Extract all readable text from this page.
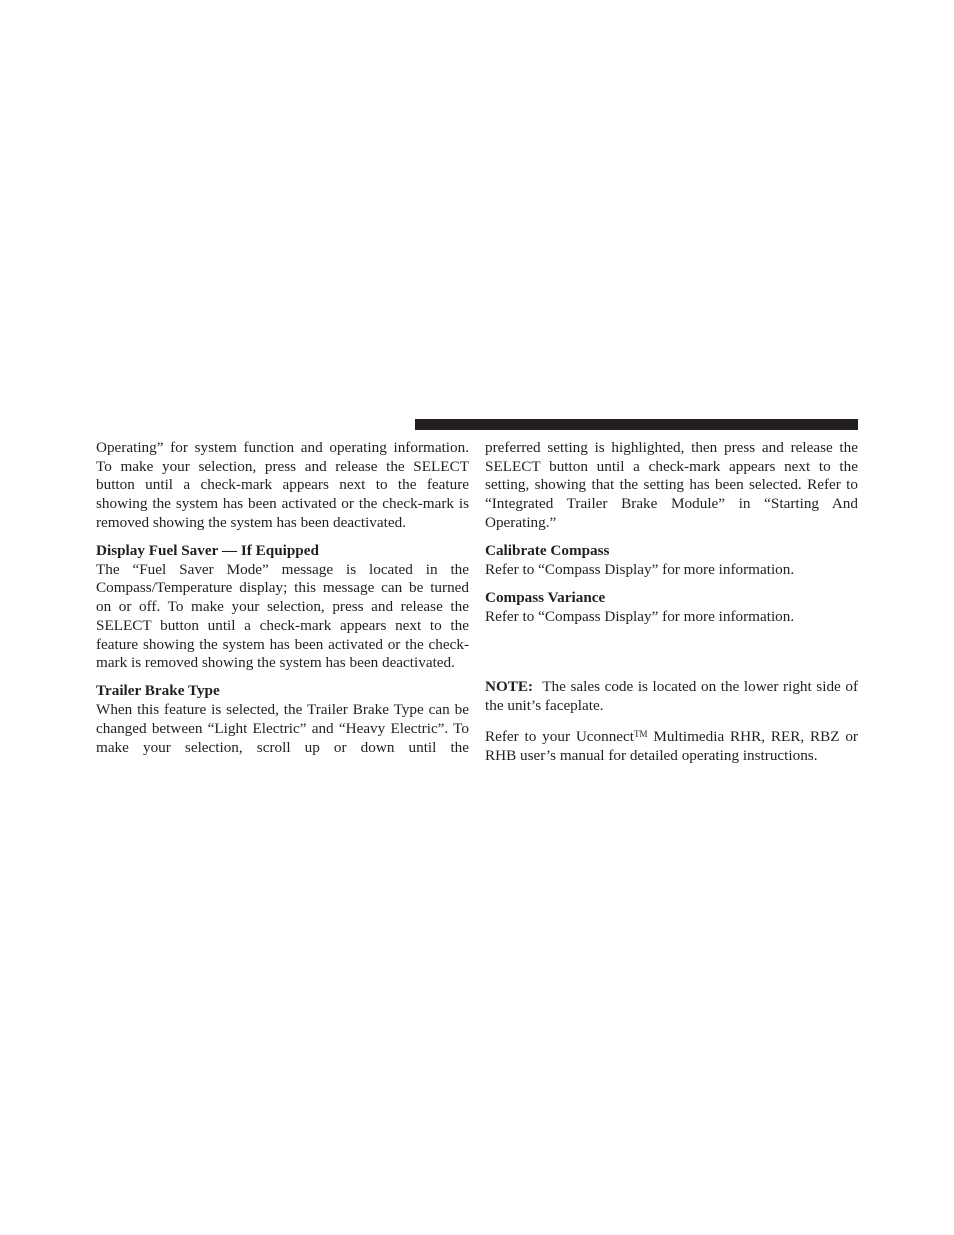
Operating” for system function and operating information. To make your selection, press and release the SELECT button until a check-mark appears next to the feature showing the system has been activated or the check-mark is removed showing the system has been deactivated.

Display Fuel Saver — If Equipped

The “Fuel Saver Mode” message is located in the Compass/Temperature display; this message can be turned on or off. To make your selection, press and release the SELECT button until a check-mark appears next to the feature showing the system has been activated or the check-mark is removed showing the system has been deactivated.

Trailer Brake Type

When this feature is selected, the Trailer Brake Type can be changed between “Light Electric” and “Heavy Electric”. To make your selection, scroll up or down until the

preferred setting is highlighted, then press and release the SELECT button until a check-mark appears next to the setting, showing that the setting has been selected. Refer to “Integrated Trailer Brake Module” in “Starting And Operating.”

Calibrate Compass

Refer to “Compass Display” for more information.

Compass Variance

Refer to “Compass Display” for more information.

NOTE: The sales code is located on the lower right side of the unit’s faceplate.

Refer to your Uconnect™ Multimedia RHR, RER, RBZ or RHB user’s manual for detailed operating instructions.
